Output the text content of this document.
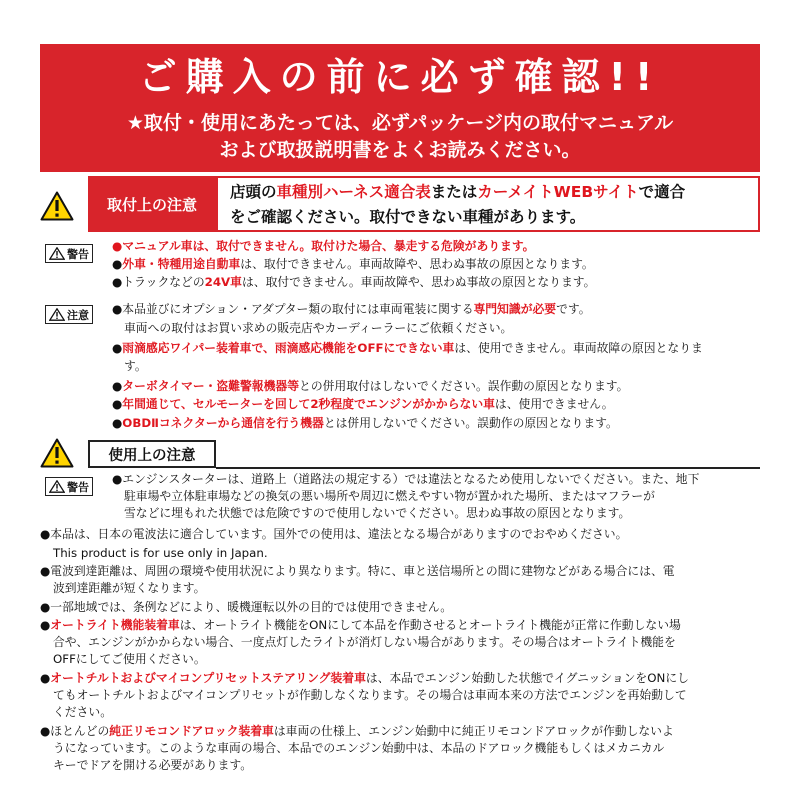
ご購入の前に必ず確認!!
★取付・使用にあたっては、必ずパッケージ内の取付マニュアル
および取扱説明書をよくお読みください。
取付上の注意
店頭の車種別ハーネス適合表またはカーメイトWEBサイトで適合
をご確認ください。取付できない車種があります。
警告
●マニュアル車は、取付できません。取付けた場合、暴走する危険があります。
●外車・特種用途自動車は、取付できません。車両故障や、思わぬ事故の原因となります。
●トラックなどの24V車は、取付できません。車両故障や、思わぬ事故の原因となります。
注意 ●本品並びにオプション・アダプター類の取付には車両電装に関する専門知識が必要です。
車両への取付はお買い求めの販売店やカーディーラーにご依頼ください。
●雨滴感応ワイパー装着車で、雨滴感応機能をOFFにできない車は、使用できません。車両故障の原因となりま
す。
●ターボタイマー・盗難警報機器等との併用取付はしないでください。誤作動の原因となります。
●年間通じて、セルモーターを回して2秒程度でエンジンがかからない車は、使用できません。
●OBDⅡコネクターから通信を行う機器とは併用しないでください。誤動作の原因となります。
使用上の注意
警告
●エンジンスターターは、道路上（道路法の規定する）では違法となるため使用しないでください。また、地下
駐車場や立体駐車場などの換気の悪い場所や周辺に燃えやすい物が置かれた場所、またはマフラーが
雪などに埋もれた状態では危険ですので使用しないでください。思わぬ事故の原因となります。
●本品は、日本の電波法に適合しています。国外での使用は、違法となる場合がありますのでおやめください。
This product is for use only in Japan.
●電波到達距離は、周囲の環境や使用状況により異なります。特に、車と送信場所との間に建物などがある場合には、電
波到達距離が短くなります。
●一部地域では、条例などにより、暖機運転以外の目的では使用できません。
●オートライト機能装着車は、オートライト機能をONにして本品を作動させるとオートライト機能が正常に作動しない場
合や、エンジンがかからない場合、一度点灯したライトが消灯しない場合があります。その場合はオートライト機能を
OFFにしてご使用ください。
●オートチルトおよびマイコンプリセットステアリング装着車は、本品でエンジン始動した状態でイグニッションをONにし
てもオートチルトおよびマイコンプリセットが作動しなくなります。その場合は車両本来の方法でエンジンを再始動して
ください。
●ほとんどの純正リモコンドアロック装着車は車両の仕様上、エンジン始動中に純正リモコンドアロックが作動しないよ
うになっています。このような車両の場合、本品でのエンジン始動中は、本品のドアロック機能もしくはメカニカル
キーでドアを開ける必要があります。
